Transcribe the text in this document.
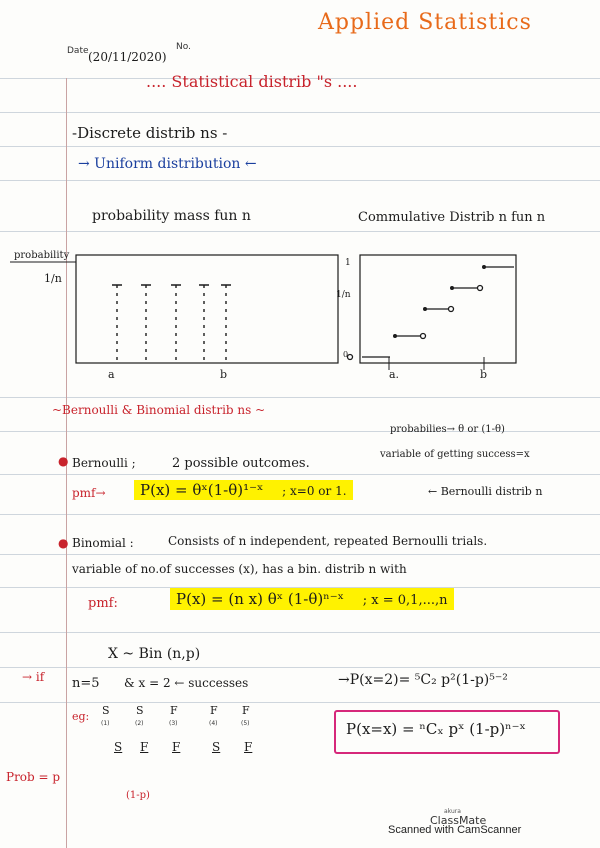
Applied Statistics
Date (20/11/2020)
No.
.... Statistical distrib "s ....
-Discrete distrib ns -
→ Uniform distribution ←
probability mass fun n	Commulative Distrib n fun n
probability
1/n
a	b
1
1/n
0
a.	b
~Bernoulli & Binomial distrib ns ~
probabilies→ θ or (1-θ)
variable of getting success=x
● Bernoulli ;	2 possible outcomes.
pmf→	P(x) = θˣ(1-θ)¹⁻ˣ ; x=0 or 1.	← Bernoulli distrib n
● Binomial :	Consists of n independent, repeated Bernoulli trials.
variable of no.of successes (x), has a bin. distrib n with
pmf:	P(x) = (n x) θˣ (1-θ)ⁿ⁻ˣ ; x = 0,1,...,n
X ~ Bin (n,p)
→ if n=5 & x = 2 ← successes	→P(x=2)= ⁵C₂ p²(1-p)⁵⁻²
eg: S S F	F F
(1)	(2)	(3)	(4)	(5)
S F F	S F
P(x=x) = ⁿCₓ pˣ (1-p)ⁿ⁻ˣ
Prob = p
(1-p)
akura
ClassMate
Scanned with CamScanner
